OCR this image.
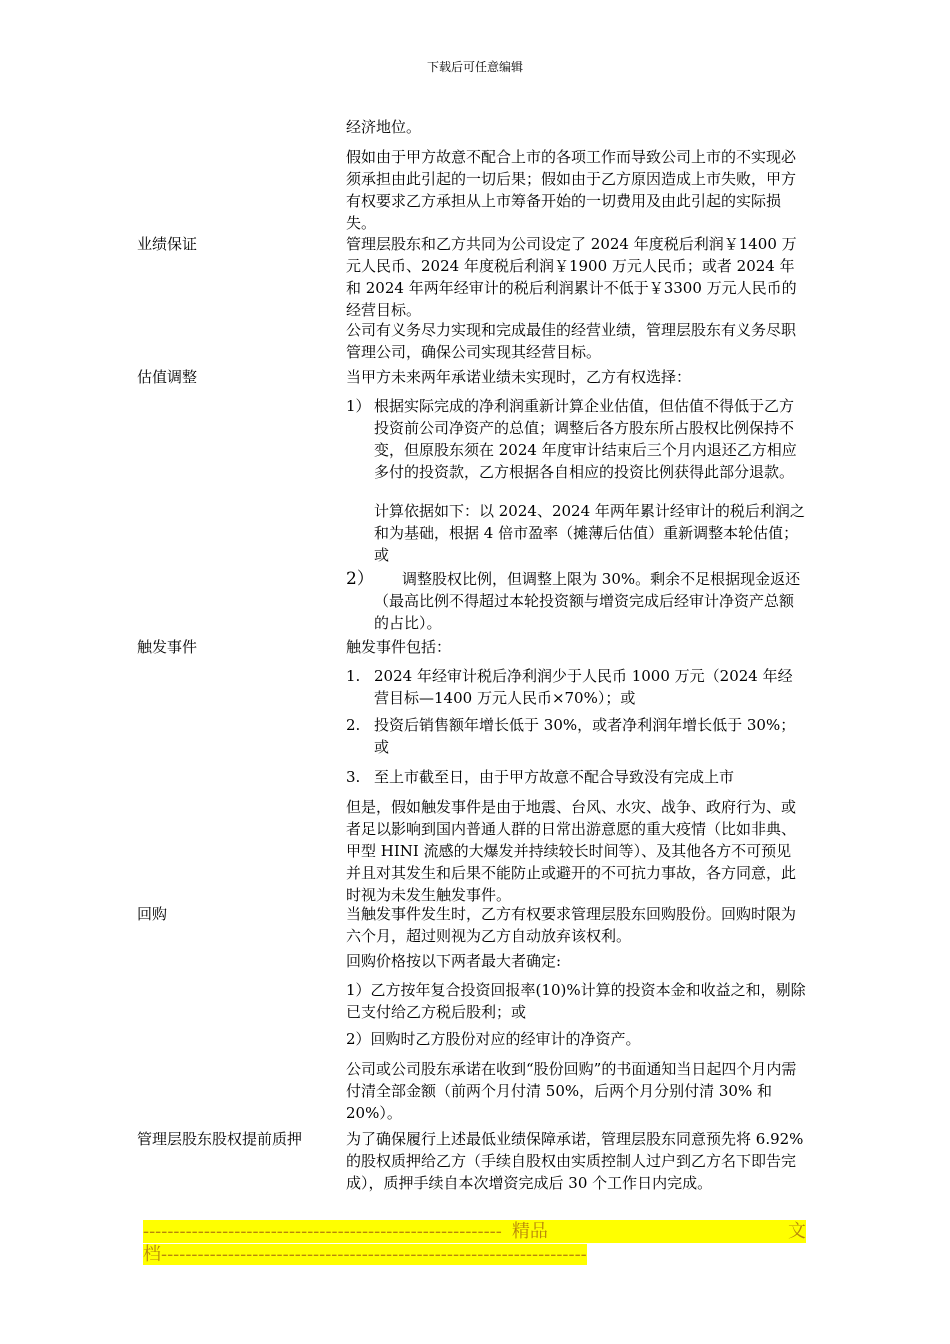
下载后可任意编辑
经济地位。
假如由于甲方故意不配合上市的各项工作而导致公司上市的不实现必须承担由此引起的一切后果；假如由于乙方原因造成上市失败，甲方有权要求乙方承担从上市筹备开始的一切费用及由此引起的实际损失。
业绩保证	管理层股东和乙方共同为公司设定了 2024 年度税后利润￥1400 万元人民币、2024 年度税后利润￥1900 万元人民币；或者 2024 年和 2024 年两年经审计的税后利润累计不低于￥3300 万元人民币的经营目标。
公司有义务尽力实现和完成最佳的经营业绩，管理层股东有义务尽职管理公司，确保公司实现其经营目标。
估值调整	当甲方未来两年承诺业绩未实现时，乙方有权选择：
1） 根据实际完成的净利润重新计算企业估值，但估值不得低于乙方投资前公司净资产的总值；调整后各方股东所占股权比例保持不变，但原股东须在 2024 年度审计结束后三个月内退还乙方相应多付的投资款，乙方根据各自相应的投资比例获得此部分退款。
计算依据如下：以 2024、2024 年两年累计经审计的税后利润之和为基础，根据 4 倍市盈率（摊薄后估值）重新调整本轮估值；或
2）	调整股权比例，但调整上限为 30%。剩余不足根据现金返还（最高比例不得超过本轮投资额与增资完成后经审计净资产总额的占比）。
触发事件	触发事件包括：
1. 2024 年经审计税后净利润少于人民币 1000 万元（2024 年经营目标—1400 万元人民币×70%）；或
2. 投资后销售额年增长低于 30%，或者净利润年增长低于 30%；或
3. 至上市截至日，由于甲方故意不配合导致没有完成上市
但是，假如触发事件是由于地震、台风、水灾、战争、政府行为、或者足以影响到国内普通人群的日常出游意愿的重大疫情（比如非典、甲型 HINI 流感的大爆发并持续较长时间等）、及其他各方不可预见并且对其发生和后果不能防止或避开的不可抗力事故，各方同意，此时视为未发生触发事件。
回购	当触发事件发生时，乙方有权要求管理层股东回购股份。回购时限为六个月，超过则视为乙方自动放弃该权利。
回购价格按以下两者最大者确定:
1）乙方按年复合投资回报率(10)%计算的投资本金和收益之和，剔除已支付给乙方税后股利；或
2）回购时乙方股份对应的经审计的净资产。
公司或公司股东承诺在收到“股份回购”的书面通知当日起四个月内需付清全部金额（前两个月付清 50%，后两个月分别付清 30% 和 20%）。
管理层股东股权提前质押	为了确保履行上述最低业绩保障承诺，管理层股东同意预先将 6.92%的股权质押给乙方（手续自股权由实质控制人过户到乙方名下即告完成），质押手续自本次增资完成后 30 个工作日内完成。
----------------------------------------------------------- 精 品	文
档----------------------------------------------------------------------
